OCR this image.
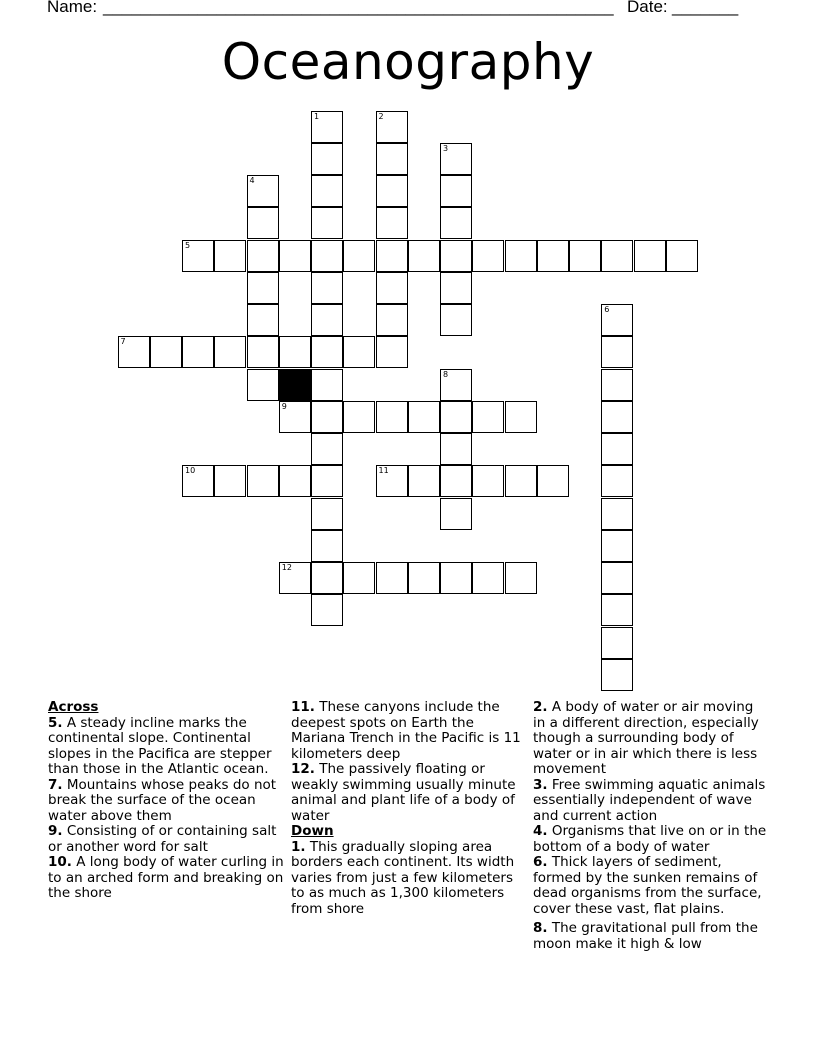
Name: ______________________________________________________ Date: _______
Oceanography
1	2
3
4
5
6
7
8
9
10	11
12
Across
5. A steady incline marks the continental slope. Continental slopes in the Pacifica are stepper than those in the Atlantic ocean.
7. Mountains whose peaks do not break the surface of the ocean water above them
9. Consisting of or containing salt or another word for salt
10. A long body of water curling in to an arched form and breaking on the shore
11. These canyons include the deepest spots on Earth the Mariana Trench in the Pacific is 11 kilometers deep
12. The passively floating or weakly swimming usually minute animal and plant life of a body of water
Down
1. This gradually sloping area borders each continent. Its width varies from just a few kilometers to as much as 1,300 kilometers from shore
2. A body of water or air moving in a different direction, especially though a surrounding body of water or in air which there is less movement
3. Free swimming aquatic animals essentially independent of wave and current action
4. Organisms that live on or in the bottom of a body of water
6. Thick layers of sediment, formed by the sunken remains of dead organisms from the surface, cover these vast, flat plains.
8. The gravitational pull from the moon make it high & low
